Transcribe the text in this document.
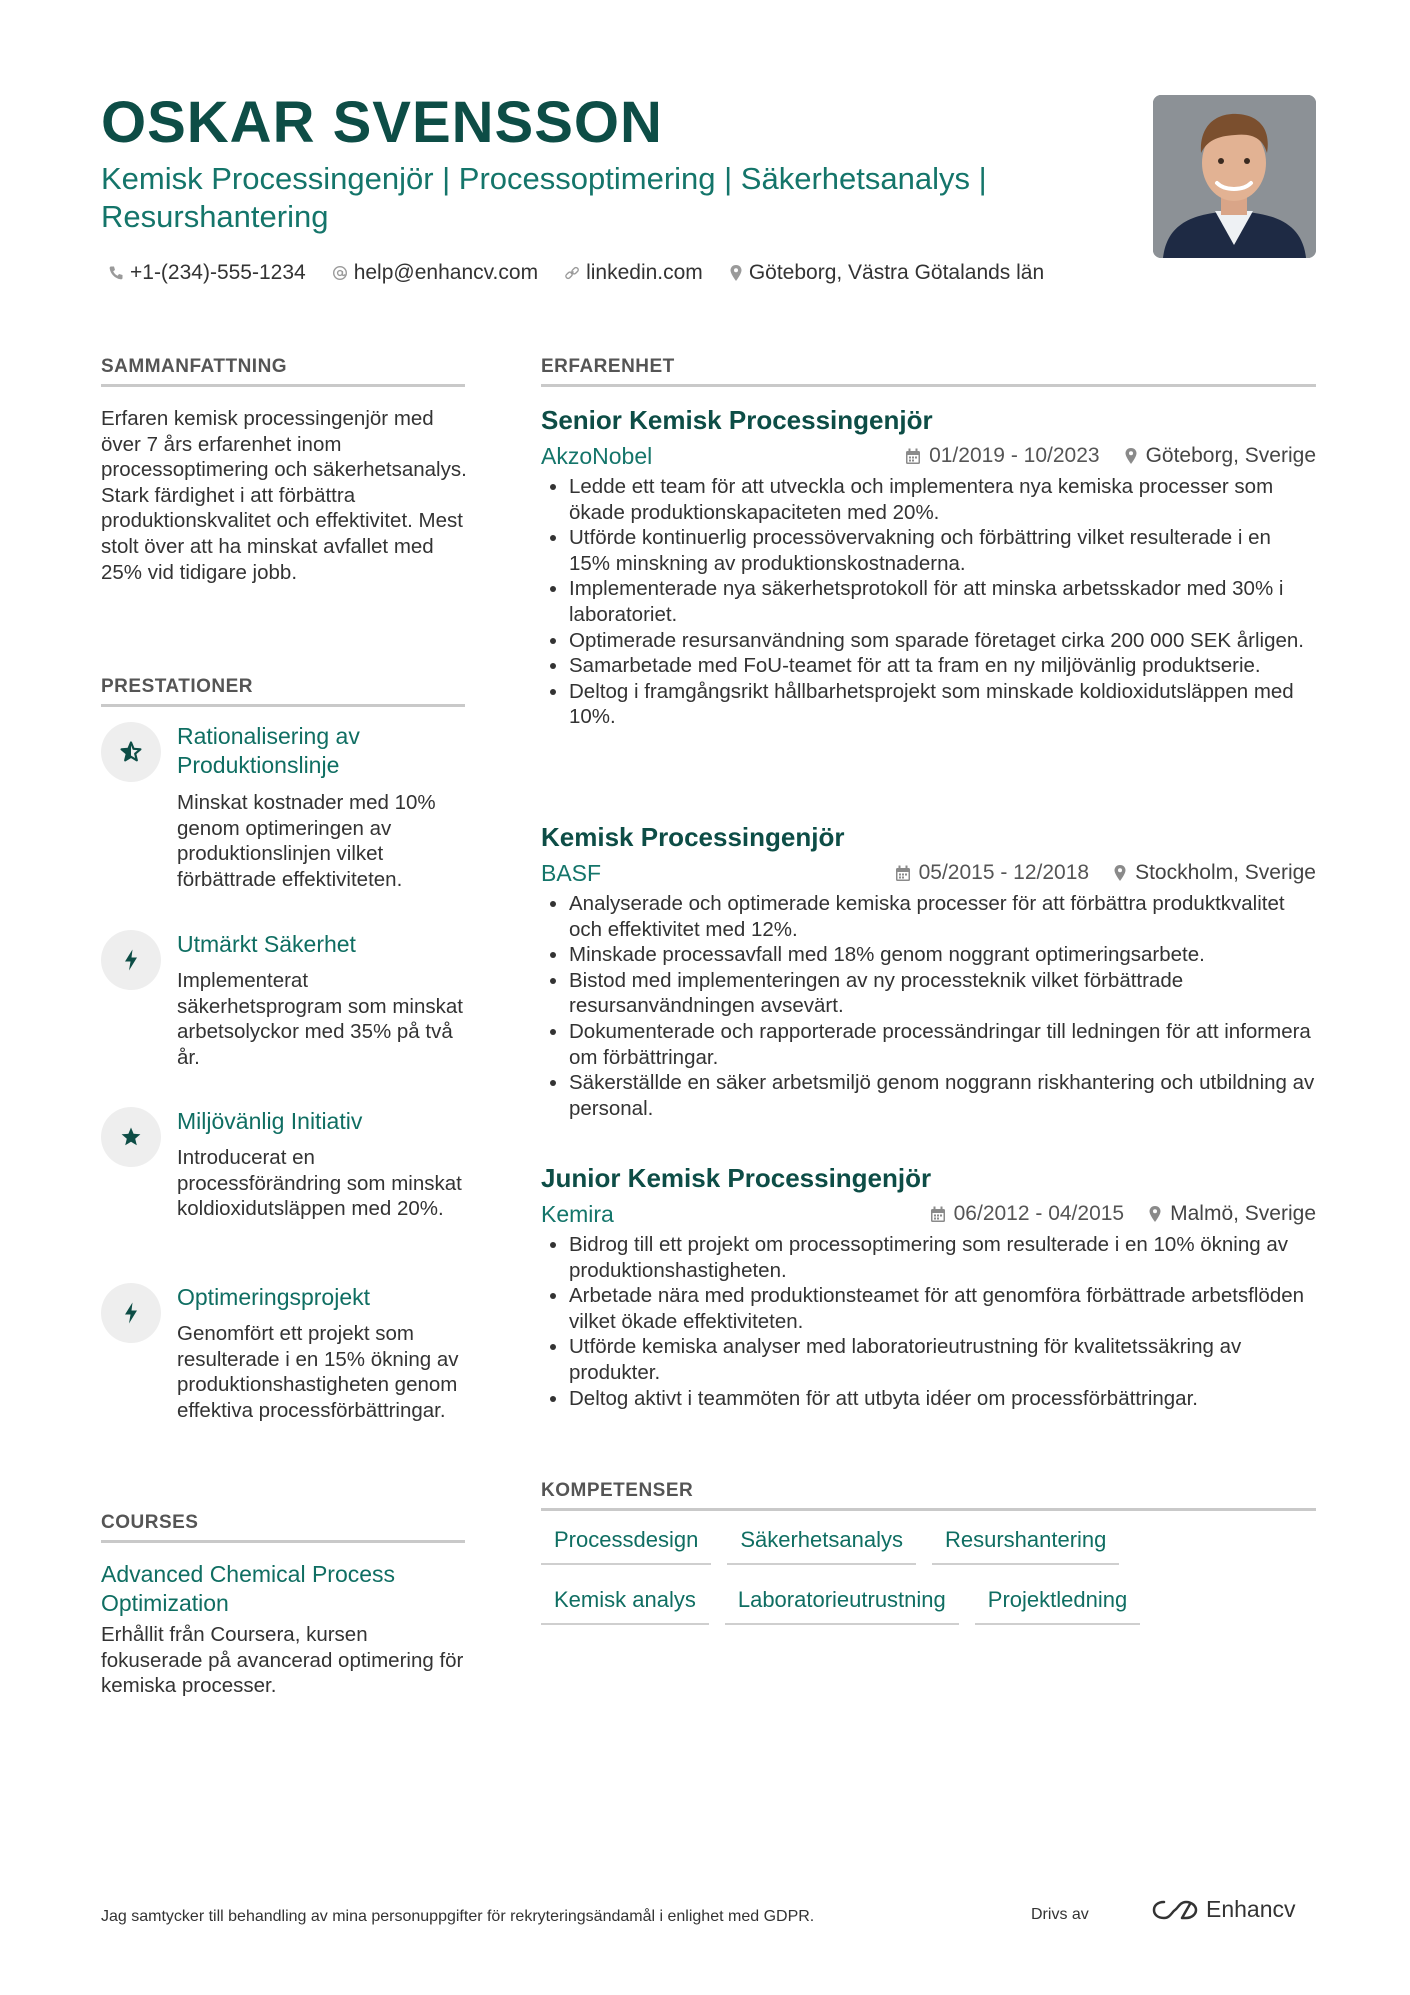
OSKAR SVENSSON

Kemisk Processingenjör | Processoptimering | Säkerhetsanalys | Resurshantering

+1-(234)-555-1234 help@enhancv.com linkedin.com Göteborg, Västra Götalands län
SAMMANFATTNING

Erfaren kemisk processingenjör med över 7 års erfarenhet inom processoptimering och säkerhetsanalys. Stark färdighet i att förbättra produktionskvalitet och effektivitet. Mest stolt över att ha minskat avfallet med 25% vid tidigare jobb.

PRESTATIONER

Rationalisering av Produktionslinje

Minskat kostnader med 10% genom optimeringen av produktionslinjen vilket förbättrade effektiviteten.

Utmärkt Säkerhet

Implementerat säkerhetsprogram som minskat arbetsolyckor med 35% på två år.

Miljövänlig Initiativ

Introducerat en processförändring som minskat koldioxidutsläppen med 20%.

Optimeringsprojekt

Genomfört ett projekt som resulterade i en 15% ökning av produktionshastigheten genom effektiva processförbättringar.

COURSES

Advanced Chemical Process Optimization

Erhållit från Coursera, kursen fokuserade på avancerad optimering för kemiska processer.

ERFARENHET
Senior Kemisk Processingenjör
AkzoNobel	01/2019 - 10/2023 Göteborg, Sverige
• Ledde ett team för att utveckla och implementera nya kemiska processer som ökade produktionskapaciteten med 20%.
• Utförde kontinuerlig processövervakning och förbättring vilket resulterade i en 15% minskning av produktionskostnaderna.
• Implementerade nya säkerhetsprotokoll för att minska arbetsskador med 30% i laboratoriet.
• Optimerade resursanvändning som sparade företaget cirka 200 000 SEK årligen.
• Samarbetade med FoU-teamet för att ta fram en ny miljövänlig produktserie.
• Deltog i framgångsrikt hållbarhetsprojekt som minskade koldioxidutsläppen med 10%.
Kemisk Processingenjör
BASF	05/2015 - 12/2018 Stockholm, Sverige
• Analyserade och optimerade kemiska processer för att förbättra produktkvalitet och effektivitet med 12%.
• Minskade processavfall med 18% genom noggrant optimeringsarbete.
• Bistod med implementeringen av ny processteknik vilket förbättrade resursanvändningen avsevärt.
• Dokumenterade och rapporterade processändringar till ledningen för att informera om förbättringar.
• Säkerställde en säker arbetsmiljö genom noggrann riskhantering och utbildning av personal.
Junior Kemisk Processingenjör
Kemira	06/2012 - 04/2015 Malmö, Sverige
• Bidrog till ett projekt om processoptimering som resulterade i en 10% ökning av produktionshastigheten.
• Arbetade nära med produktionsteamet för att genomföra förbättrade arbetsflöden vilket ökade effektiviteten.
• Utförde kemiska analyser med laboratorieutrustning för kvalitetssäkring av produkter.
• Deltog aktivt i teammöten för att utbyta idéer om processförbättringar.
KOMPETENSER
Processdesign	Säkerhetsanalys	Resurshantering
Kemisk analys	Laboratorieutrustning	Projektledning

Jag samtycker till behandling av mina personuppgifter för rekryteringsändamål i enlighet med GDPR.	Drivs av	Enhancv
